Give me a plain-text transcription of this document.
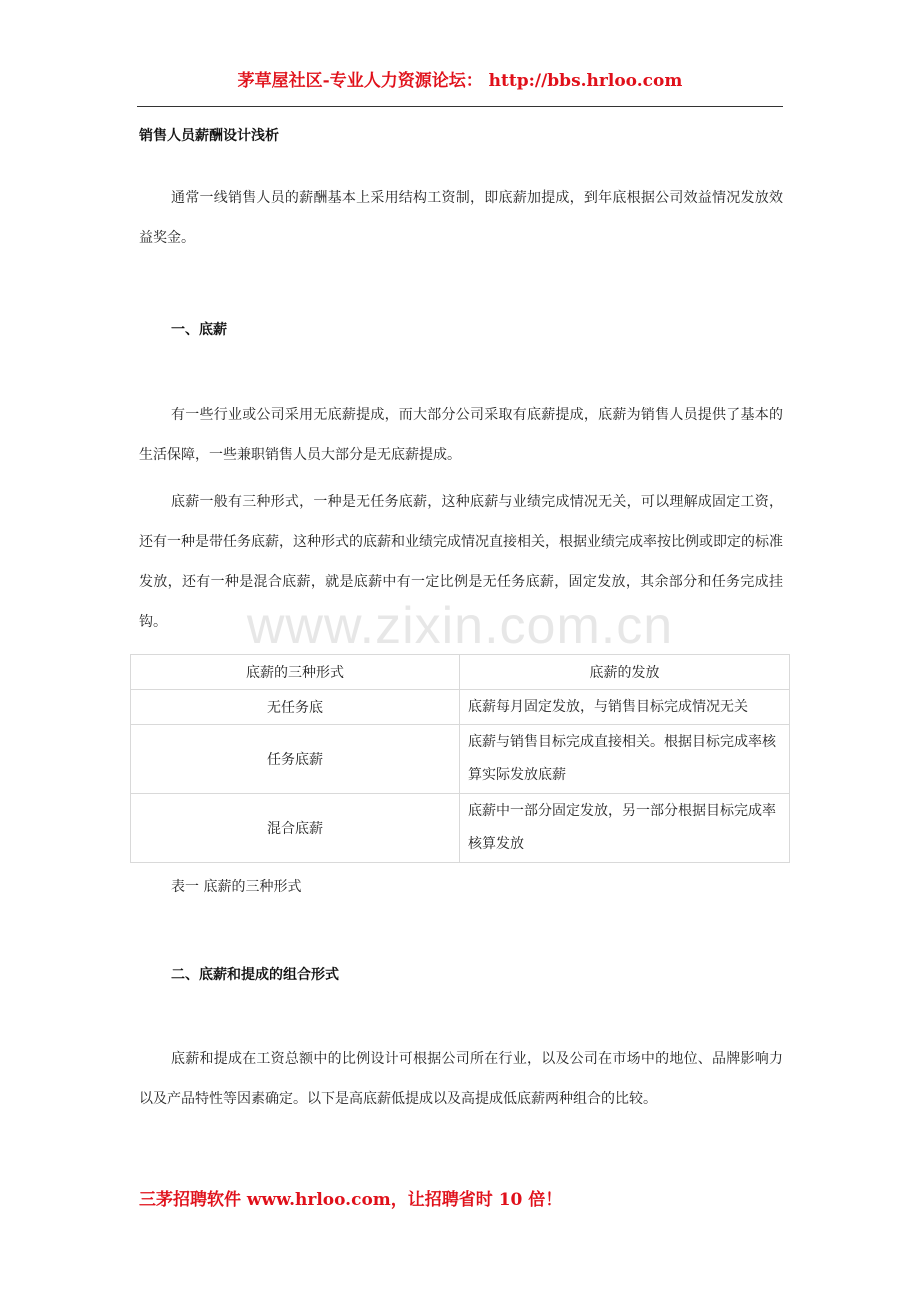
茅草屋社区-专业人力资源论坛： http://bbs.hrloo.com
销售人员薪酬设计浅析

通常一线销售人员的薪酬基本上采用结构工资制，即底薪加提成，到年底根据公司效益情况发放效益奖金。

一、底薪

有一些行业或公司采用无底薪提成，而大部分公司采取有底薪提成，底薪为销售人员提供了基本的生活保障，一些兼职销售人员大部分是无底薪提成。

底薪一般有三种形式，一种是无任务底薪，这种底薪与业绩完成情况无关，可以理解成固定工资，还有一种是带任务底薪，这种形式的底薪和业绩完成情况直接相关，根据业绩完成率按比例或即定的标准发放，还有一种是混合底薪，就是底薪中有一定比例是无任务底薪，固定发放，其余部分和任务完成挂钩。

底薪的三种形式	底薪的发放
无任务底	底薪每月固定发放，与销售目标完成情况无关
任务底薪	底薪与销售目标完成直接相关。根据目标完成率核算实际发放底薪
混合底薪	底薪中一部分固定发放，另一部分根据目标完成率核算发放
表一 底薪的三种形式
二、底薪和提成的组合形式

底薪和提成在工资总额中的比例设计可根据公司所在行业，以及公司在市场中的地位、品牌影响力以及产品特性等因素确定。以下是高底薪低提成以及高提成低底薪两种组合的比较。

www.zixin.com.cn
三茅招聘软件 www.hrloo.com，让招聘省时 10 倍！
